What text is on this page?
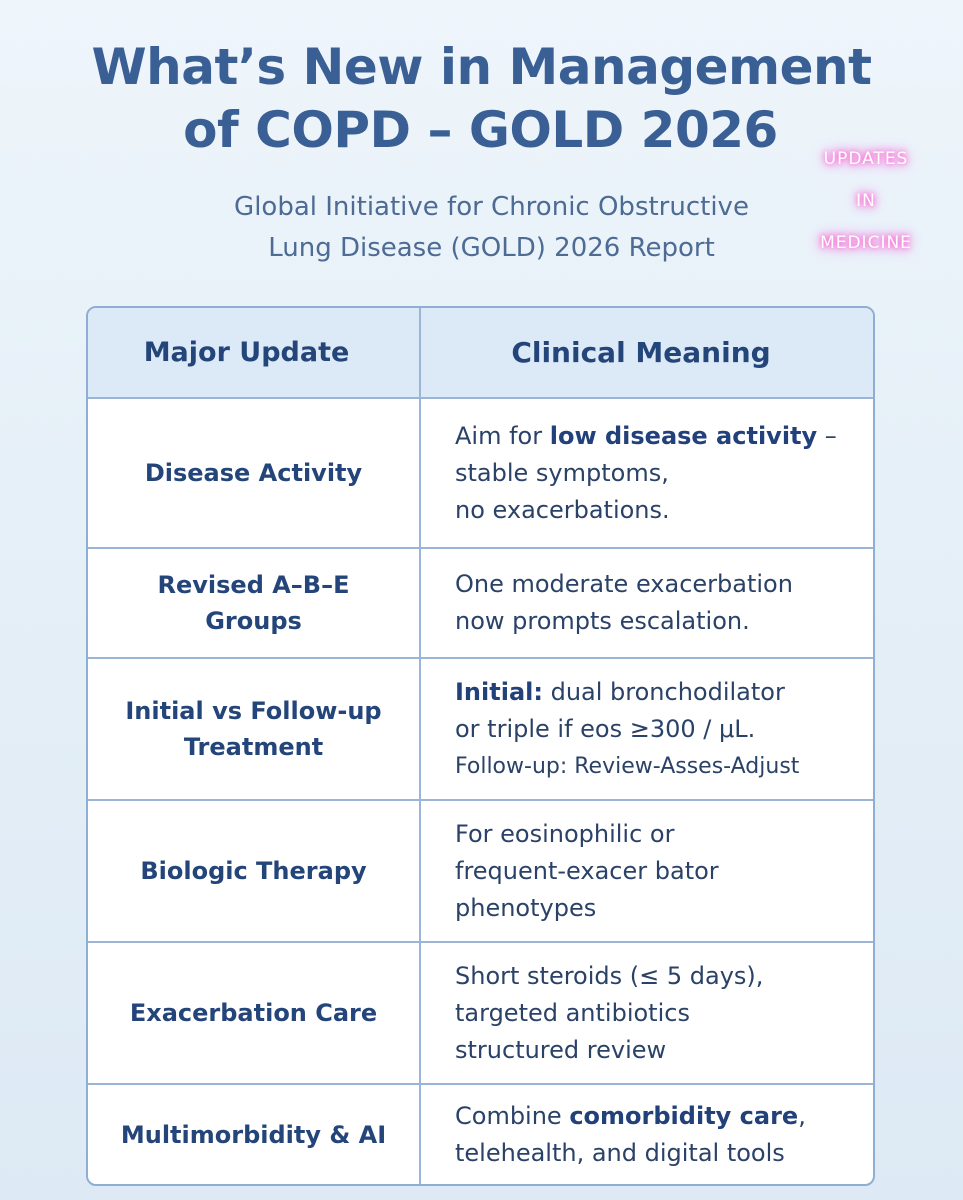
What’s New in Management
of COPD – GOLD 2026
Global Initiative for Chronic Obstructive
Lung Disease (GOLD) 2026 Report
UPDATES
IN
MEDICINE
Major Update	Clinical Meaning
Disease Activity
Aim for low disease activity –
stable symptoms,
no exacerbations.
Revised A–B–E
Groups
One moderate exacerbation
now prompts escalation.
Initial vs Follow-up
Treatment
Initial: dual bronchodilator
or triple if eos ≥300 / μL.
Follow-up: Review-Asses-Adjust
Biologic Therapy
For eosinophilic or
frequent-exacer bator
phenotypes
Exacerbation Care
Short steroids (≤ 5 days),
targeted antibiotics
structured review
Multimorbidity & AI
Combine comorbidity care,
telehealth, and digital tools
